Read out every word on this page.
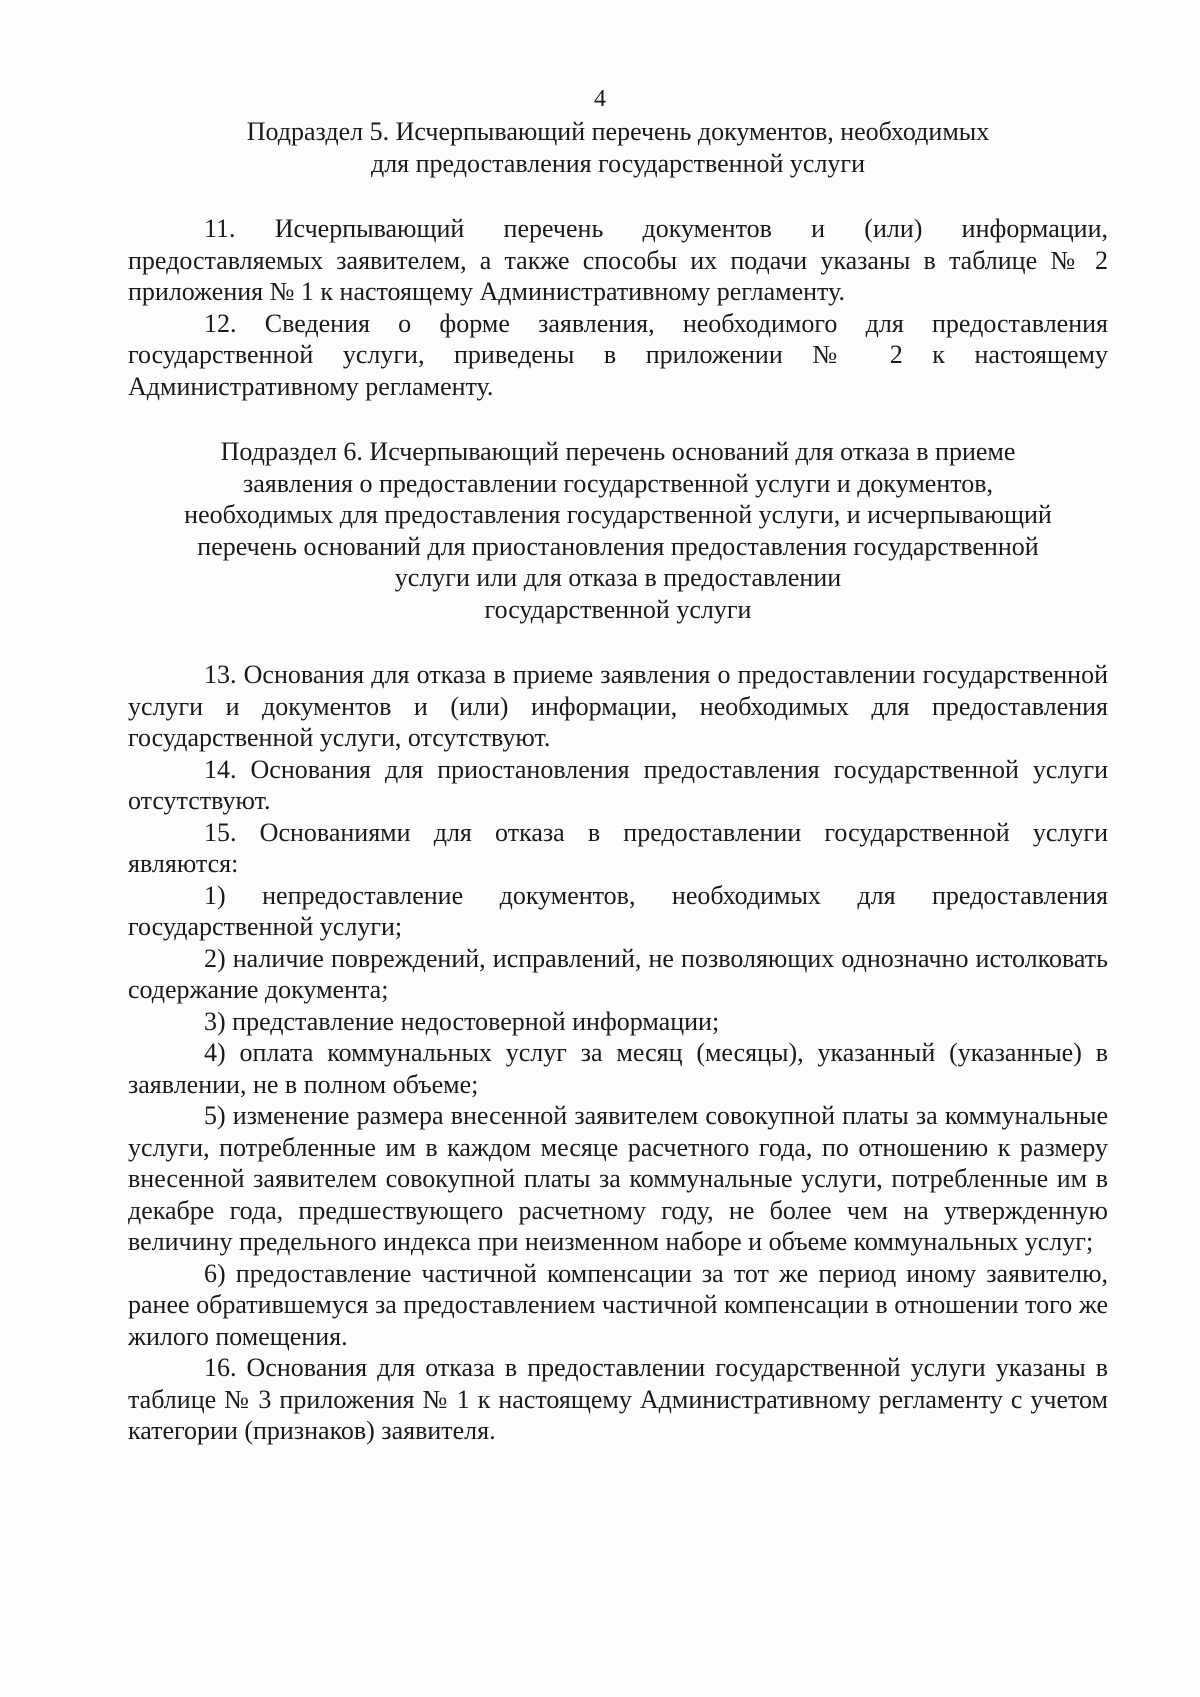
4
Подраздел 5. Исчерпывающий перечень документов, необходимых
для предоставления государственной услуги

11. Исчерпывающий перечень документов и (или) информации, предоставляемых заявителем, а также способы их подачи указаны в таблице № 2 приложения № 1 к настоящему Административному регламенту.

12. Сведения о форме заявления, необходимого для предоставления государственной услуги, приведены в приложении № 2 к настоящему Административному регламенту.

Подраздел 6. Исчерпывающий перечень оснований для отказа в приеме
заявления о предоставлении государственной услуги и документов,
необходимых для предоставления государственной услуги, и исчерпывающий
перечень оснований для приостановления предоставления государственной
услуги или для отказа в предоставлении
государственной услуги

13. Основания для отказа в приеме заявления о предоставлении государственной услуги и документов и (или) информации, необходимых для предоставления государственной услуги, отсутствуют.

14. Основания для приостановления предоставления государственной услуги отсутствуют.

15. Основаниями для отказа в предоставлении государственной услуги являются:

1) непредоставление документов, необходимых для предоставления государственной услуги;

2) наличие повреждений, исправлений, не позволяющих однозначно истолковать содержание документа;

3) представление недостоверной информации;

4) оплата коммунальных услуг за месяц (месяцы), указанный (указанные) в заявлении, не в полном объеме;

5) изменение размера внесенной заявителем совокупной платы за коммунальные услуги, потребленные им в каждом месяце расчетного года, по отношению к размеру внесенной заявителем совокупной платы за коммунальные услуги, потребленные им в декабре года, предшествующего расчетному году, не более чем на утвержденную величину предельного индекса при неизменном наборе и объеме коммунальных услуг;

6) предоставление частичной компенсации за тот же период иному заявителю, ранее обратившемуся за предоставлением частичной компенсации в отношении того же жилого помещения.

16. Основания для отказа в предоставлении государственной услуги указаны в таблице № 3 приложения № 1 к настоящему Административному регламенту с учетом категории (признаков) заявителя.
